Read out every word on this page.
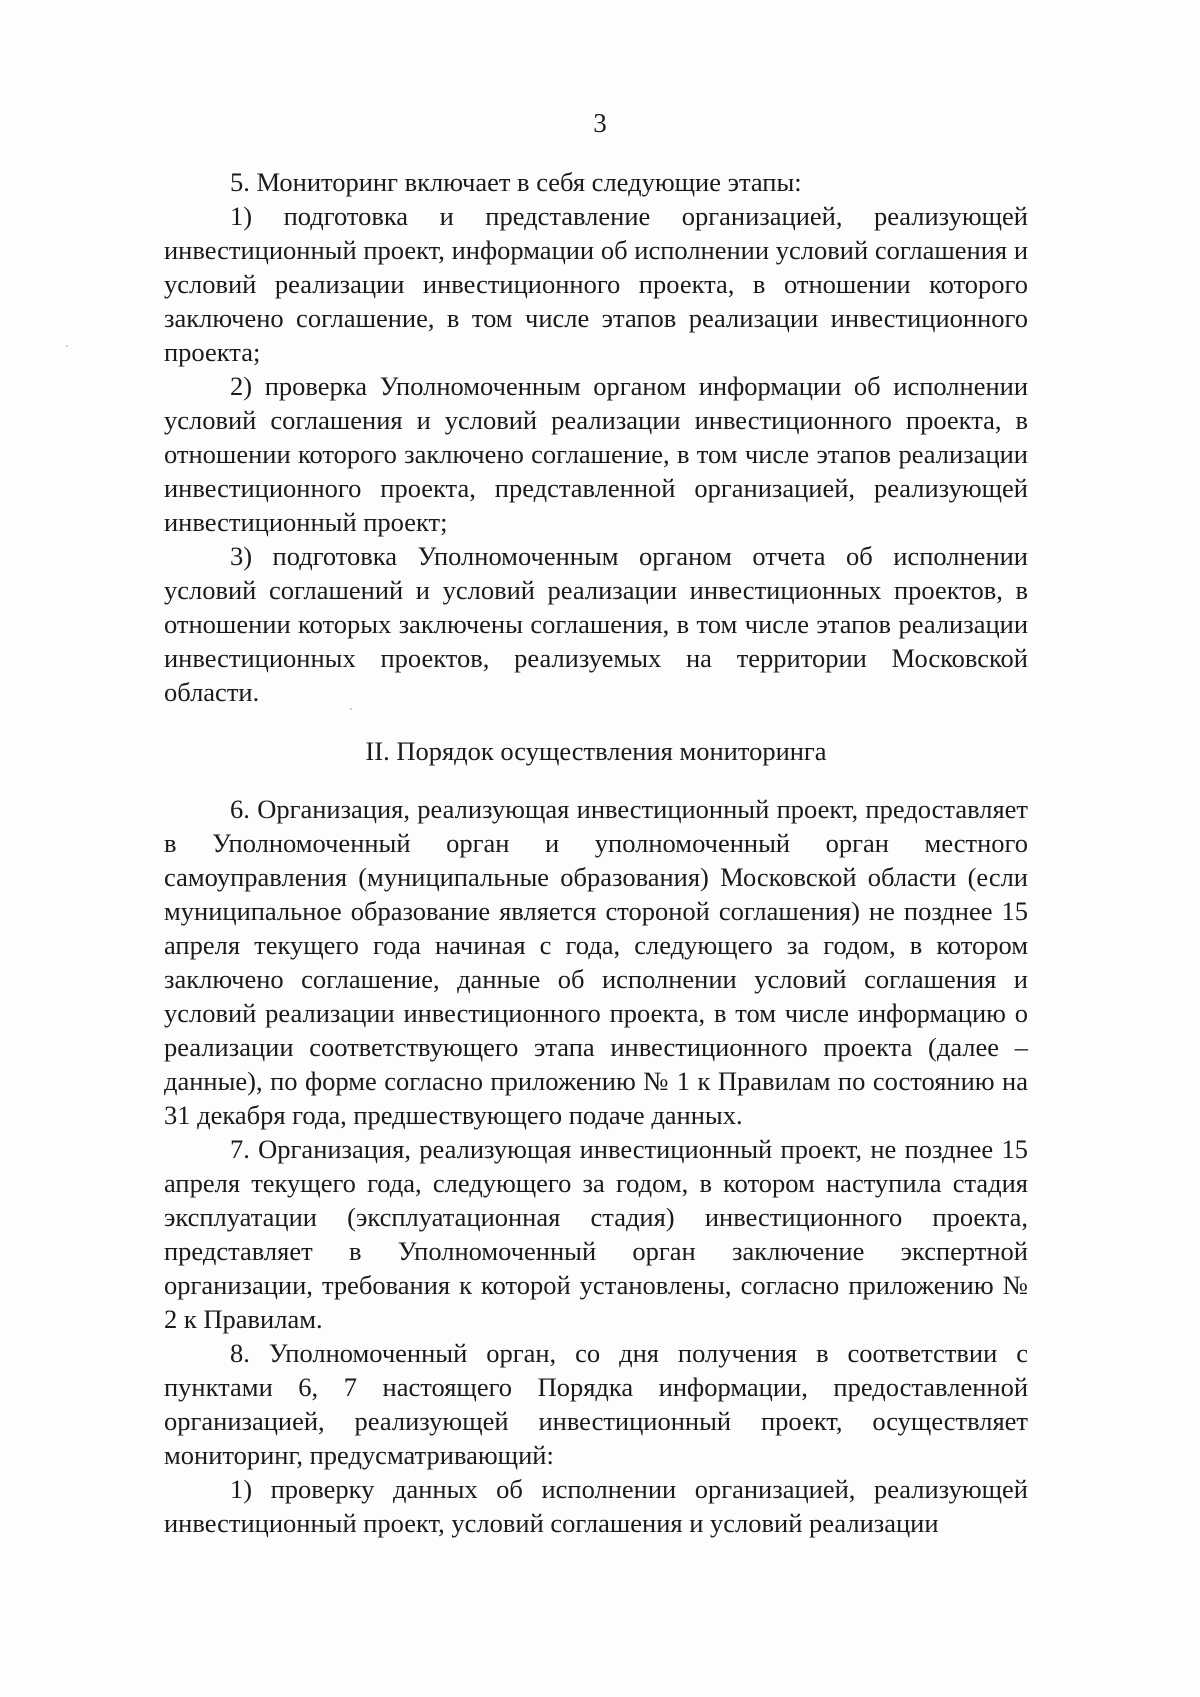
3

5. Мониторинг включает в себя следующие этапы:

1) подготовка и представление организацией, реализующей инвестиционный проект, информации об исполнении условий соглашения и условий реализации инвестиционного проекта, в отношении которого заключено соглашение, в том числе этапов реализации инвестиционного проекта;

2) проверка Уполномоченным органом информации об исполнении условий соглашения и условий реализации инвестиционного проекта, в отношении которого заключено соглашение, в том числе этапов реализации инвестиционного проекта, представленной организацией, реализующей инвестиционный проект;

3) подготовка Уполномоченным органом отчета об исполнении условий соглашений и условий реализации инвестиционных проектов, в отношении которых заключены соглашения, в том числе этапов реализации инвестиционных проектов, реализуемых на территории Московской области.

II. Порядок осуществления мониторинга

6. Организация, реализующая инвестиционный проект, предоставляет в Уполномоченный орган и уполномоченный орган местного самоуправления (муниципальные образования) Московской области (если муниципальное образование является стороной соглашения) не позднее 15 апреля текущего года начиная с года, следующего за годом, в котором заключено соглашение, данные об исполнении условий соглашения и условий реализации инвестиционного проекта, в том числе информацию о реализации соответствующего этапа инвестиционного проекта (далее – данные), по форме согласно приложению № 1 к Правилам по состоянию на 31 декабря года, предшествующего подаче данных.

7. Организация, реализующая инвестиционный проект, не позднее 15 апреля текущего года, следующего за годом, в котором наступила стадия эксплуатации (эксплуатационная стадия) инвестиционного проекта, представляет в Уполномоченный орган заключение экспертной организации, требования к которой установлены, согласно приложению № 2 к Правилам.

8. Уполномоченный орган, со дня получения в соответствии с пунктами 6, 7 настоящего Порядка информации, предоставленной организацией, реализующей инвестиционный проект, осуществляет мониторинг, предусматривающий:

1) проверку данных об исполнении организацией, реализующей инвестиционный проект, условий соглашения и условий реализации
